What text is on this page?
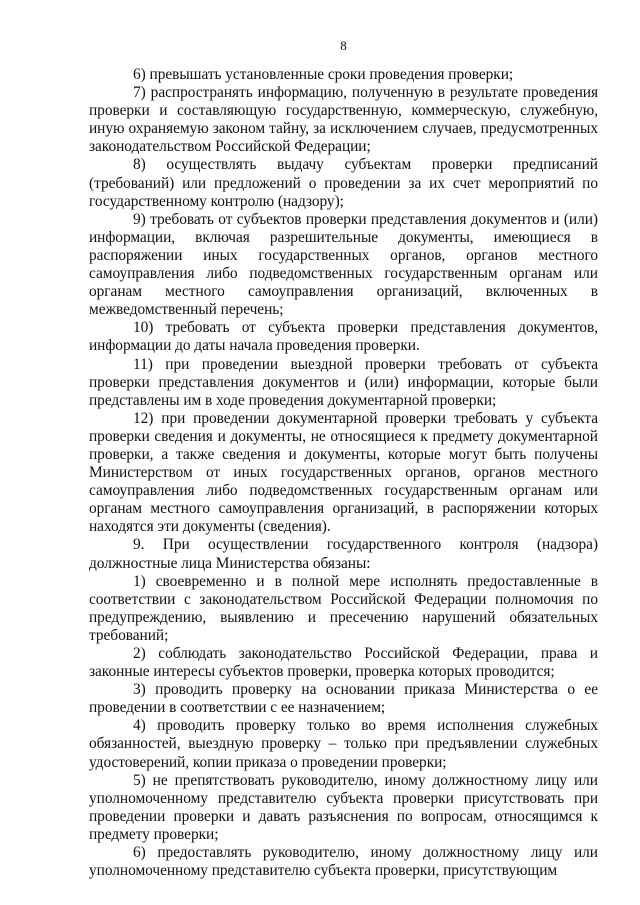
8

6) превышать установленные сроки проведения проверки;

7) распространять информацию, полученную в результате проведения проверки и составляющую государственную, коммерческую, служебную, иную охраняемую законом тайну, за исключением случаев, предусмотренных законодательством Российской Федерации;

8) осуществлять выдачу субъектам проверки предписаний (требований) или предложений о проведении за их счет мероприятий по государственному контролю (надзору);

9) требовать от субъектов проверки представления документов и (или) информации, включая разрешительные документы, имеющиеся в распоряжении иных государственных органов, органов местного самоуправления либо подведомственных государственным органам или органам местного самоуправления организаций, включенных в межведомственный перечень;

10) требовать от субъекта проверки представления документов, информации до даты начала проведения проверки.

11) при проведении выездной проверки требовать от субъекта проверки представления документов и (или) информации, которые были представлены им в ходе проведения документарной проверки;

12) при проведении документарной проверки требовать у субъекта проверки сведения и документы, не относящиеся к предмету документарной проверки, а также сведения и документы, которые могут быть получены Министерством от иных государственных органов, органов местного самоуправления либо подведомственных государственным органам или органам местного самоуправления организаций, в распоряжении которых находятся эти документы (сведения).

9. При осуществлении государственного контроля (надзора) должностные лица Министерства обязаны:

1) своевременно и в полной мере исполнять предоставленные в соответствии с законодательством Российской Федерации полномочия по предупреждению, выявлению и пресечению нарушений обязательных требований;

2) соблюдать законодательство Российской Федерации, права и законные интересы субъектов проверки, проверка которых проводится;

3) проводить проверку на основании приказа Министерства о ее проведении в соответствии с ее назначением;

4) проводить проверку только во время исполнения служебных обязанностей, выездную проверку – только при предъявлении служебных удостоверений, копии приказа о проведении проверки;

5) не препятствовать руководителю, иному должностному лицу или уполномоченному представителю субъекта проверки присутствовать при проведении проверки и давать разъяснения по вопросам, относящимся к предмету проверки;

6) предоставлять руководителю, иному должностному лицу или уполномоченному представителю субъекта проверки, присутствующим
